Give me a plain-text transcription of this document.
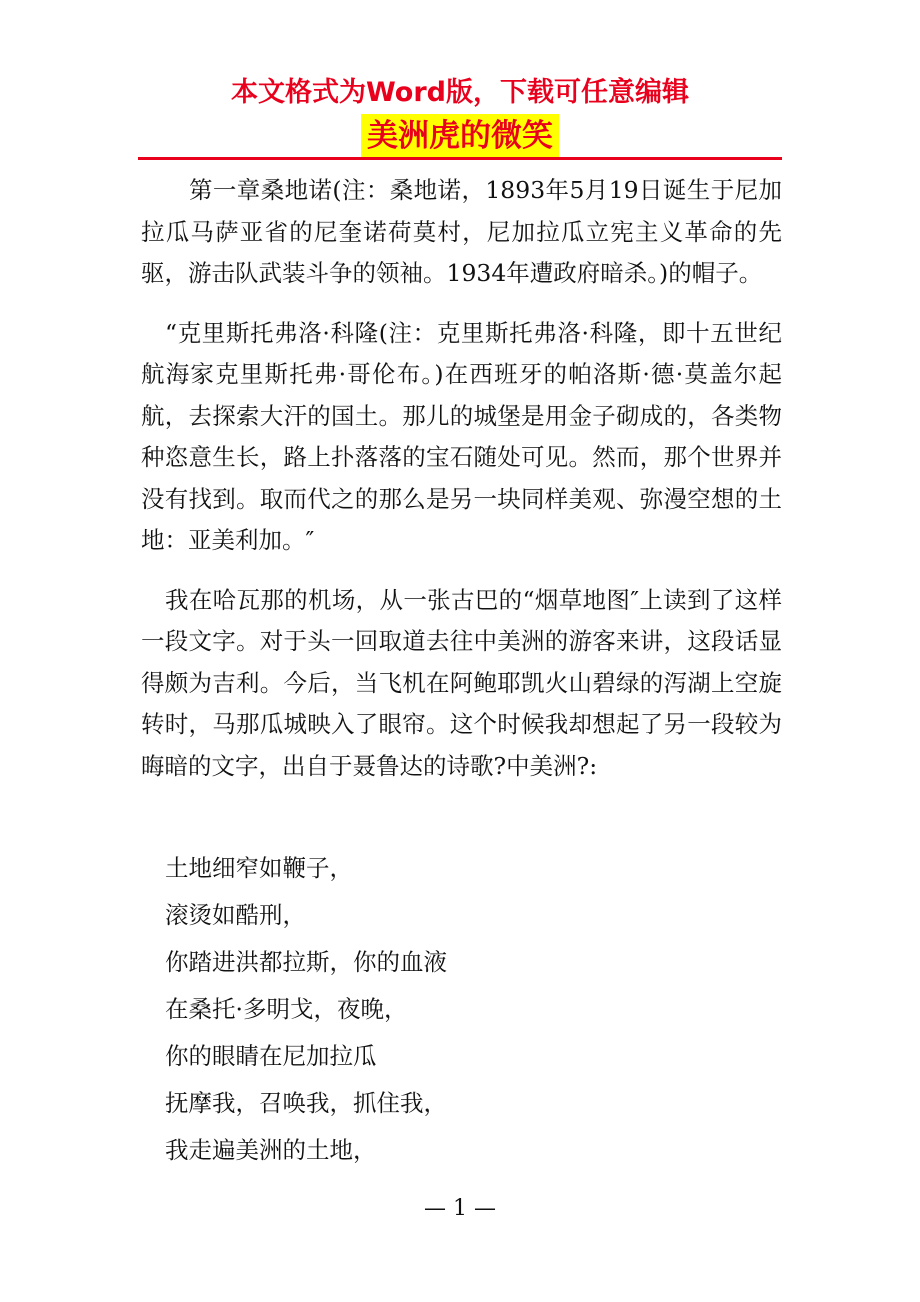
本文格式为Word版，下载可任意编辑
美洲虎的微笑

第一章桑地诺(注：桑地诺，1893年5月19日诞生于尼加拉瓜马萨亚省的尼奎诺荷莫村，尼加拉瓜立宪主义革命的先驱，游击队武装斗争的领袖。1934年遭政府暗杀。)的帽子。

“克里斯托弗洛·科隆(注：克里斯托弗洛·科隆，即十五世纪航海家克里斯托弗·哥伦布。)在西班牙的帕洛斯·德·莫盖尔起航，去探索大汗的国土。那儿的城堡是用金子砌成的，各类物种恣意生长，路上扑落落的宝石随处可见。然而，那个世界并没有找到。取而代之的那么是另一块同样美观、弥漫空想的土地：亚美利加。″

我在哈瓦那的机场，从一张古巴的“烟草地图″上读到了这样一段文字。对于头一回取道去往中美洲的游客来讲，这段话显得颇为吉利。今后，当飞机在阿鲍耶凯火山碧绿的泻湖上空旋转时，马那瓜城映入了眼帘。这个时候我却想起了另一段较为晦暗的文字，出自于聂鲁达的诗歌?中美洲?:

土地细窄如鞭子，
滚烫如酷刑，
你踏进洪都拉斯，你的血液
在桑托·多明戈，夜晚，
你的眼睛在尼加拉瓜
抚摩我，召唤我，抓住我，
我走遍美洲的土地，
— 1 —
